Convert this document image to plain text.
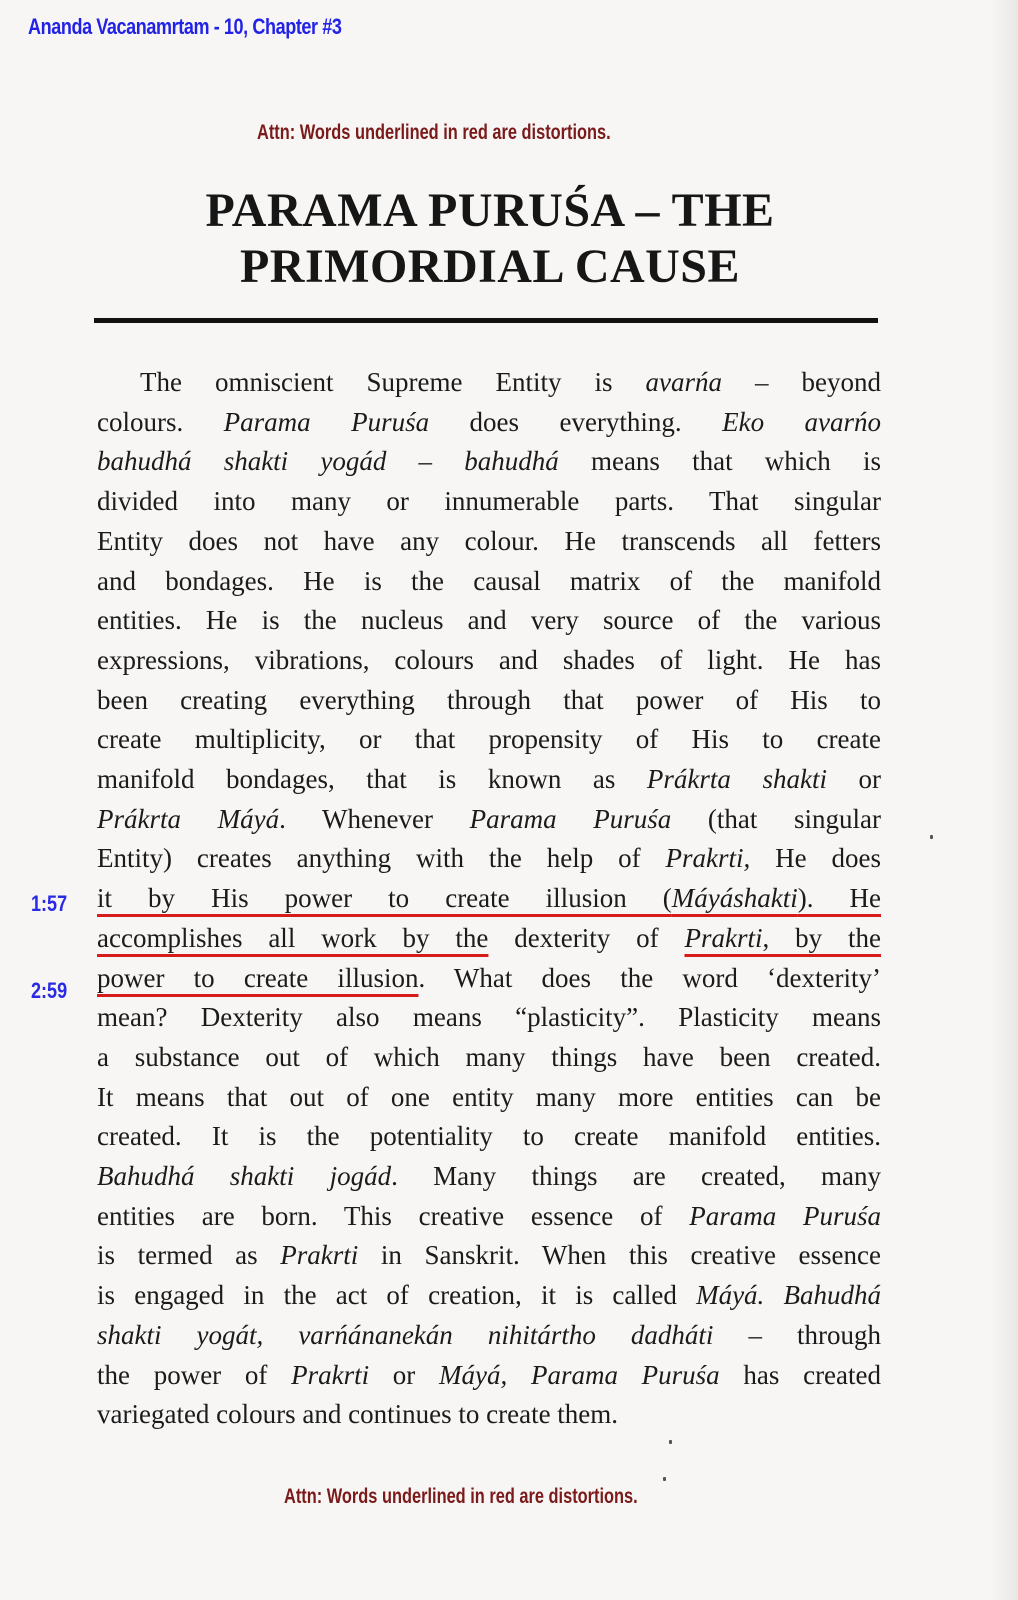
Ananda Vacanamrtam - 10, Chapter #3
Attn: Words underlined in red are distortions.
PARAMA PURUŚA – THE
PRIMORDIAL CAUSE
1:57
2:59
The omniscient Supreme Entity is avarńa – beyond
colours. Parama Puruśa does everything. Eko avarńo
bahudhá shakti yogád – bahudhá means that which is
divided into many or innumerable parts. That singular
Entity does not have any colour. He transcends all fetters
and bondages. He is the causal matrix of the manifold
entities. He is the nucleus and very source of the various
expressions, vibrations, colours and shades of light. He has
been creating everything through that power of His to
create multiplicity, or that propensity of His to create
manifold bondages, that is known as Prákrta shakti or
Prákrta Máyá. Whenever Parama Puruśa (that singular
Entity) creates anything with the help of Prakrti, He does
it by His power to create illusion (Máyáshakti). He
accomplishes all work by the dexterity of Prakrti, by the
power to create illusion. What does the word ‘dexterity’
mean? Dexterity also means “plasticity”. Plasticity means
a substance out of which many things have been created.
It means that out of one entity many more entities can be
created. It is the potentiality to create manifold entities.
Bahudhá shakti jogád. Many things are created, many
entities are born. This creative essence of Parama Puruśa
is termed as Prakrti in Sanskrit. When this creative essence
is engaged in the act of creation, it is called Máyá. Bahudhá
shakti yogát, varńánanekán nihitártho dadháti – through
the power of Prakrti or Máyá, Parama Puruśa has created
variegated colours and continues to create them.
Attn: Words underlined in red are distortions.
